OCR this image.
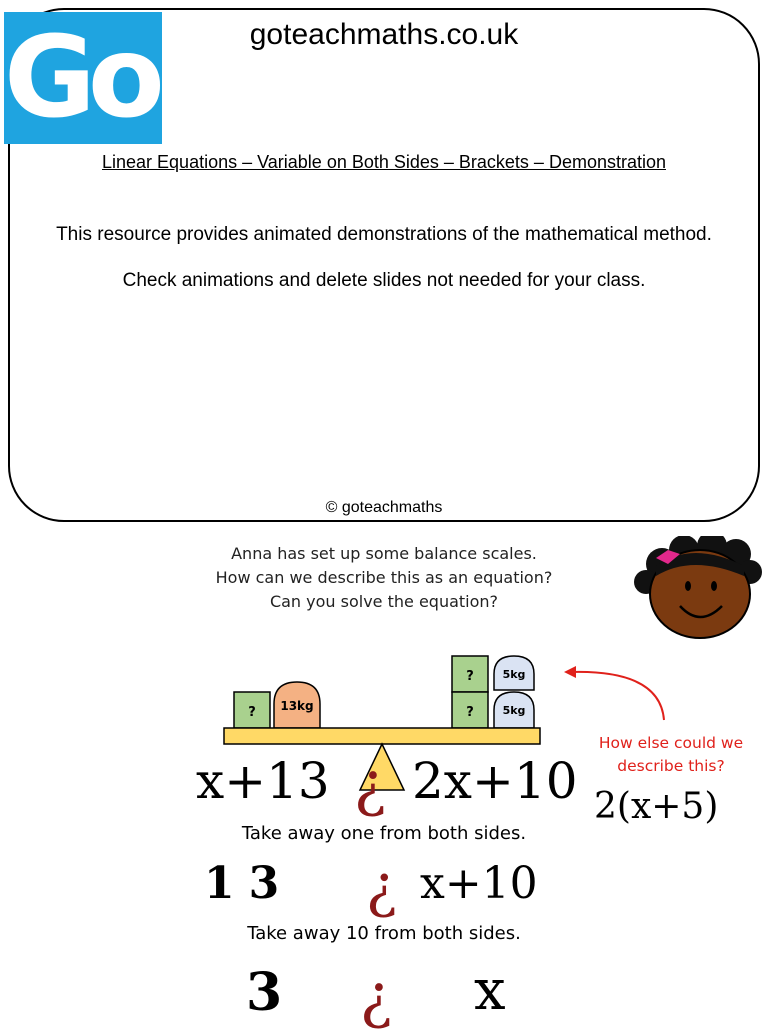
Go!	goteachmaths.co.uk
Linear Equations – Variable on Both Sides – Brackets – Demonstration
This resource provides animated demonstrations of the mathematical method.
Check animations and delete slides not needed for your class.
© goteachmaths
Anna has set up some balance scales.
How can we describe this as an equation?
Can you solve the equation?
? 13kg
?
?
5kg
5kg
How else could we describe this?
x+13 ¿ 2x+10 2(x+5)
Take away one from both sides.
13 ¿ x+10
Take away 10 from both sides.
3 ¿ x
